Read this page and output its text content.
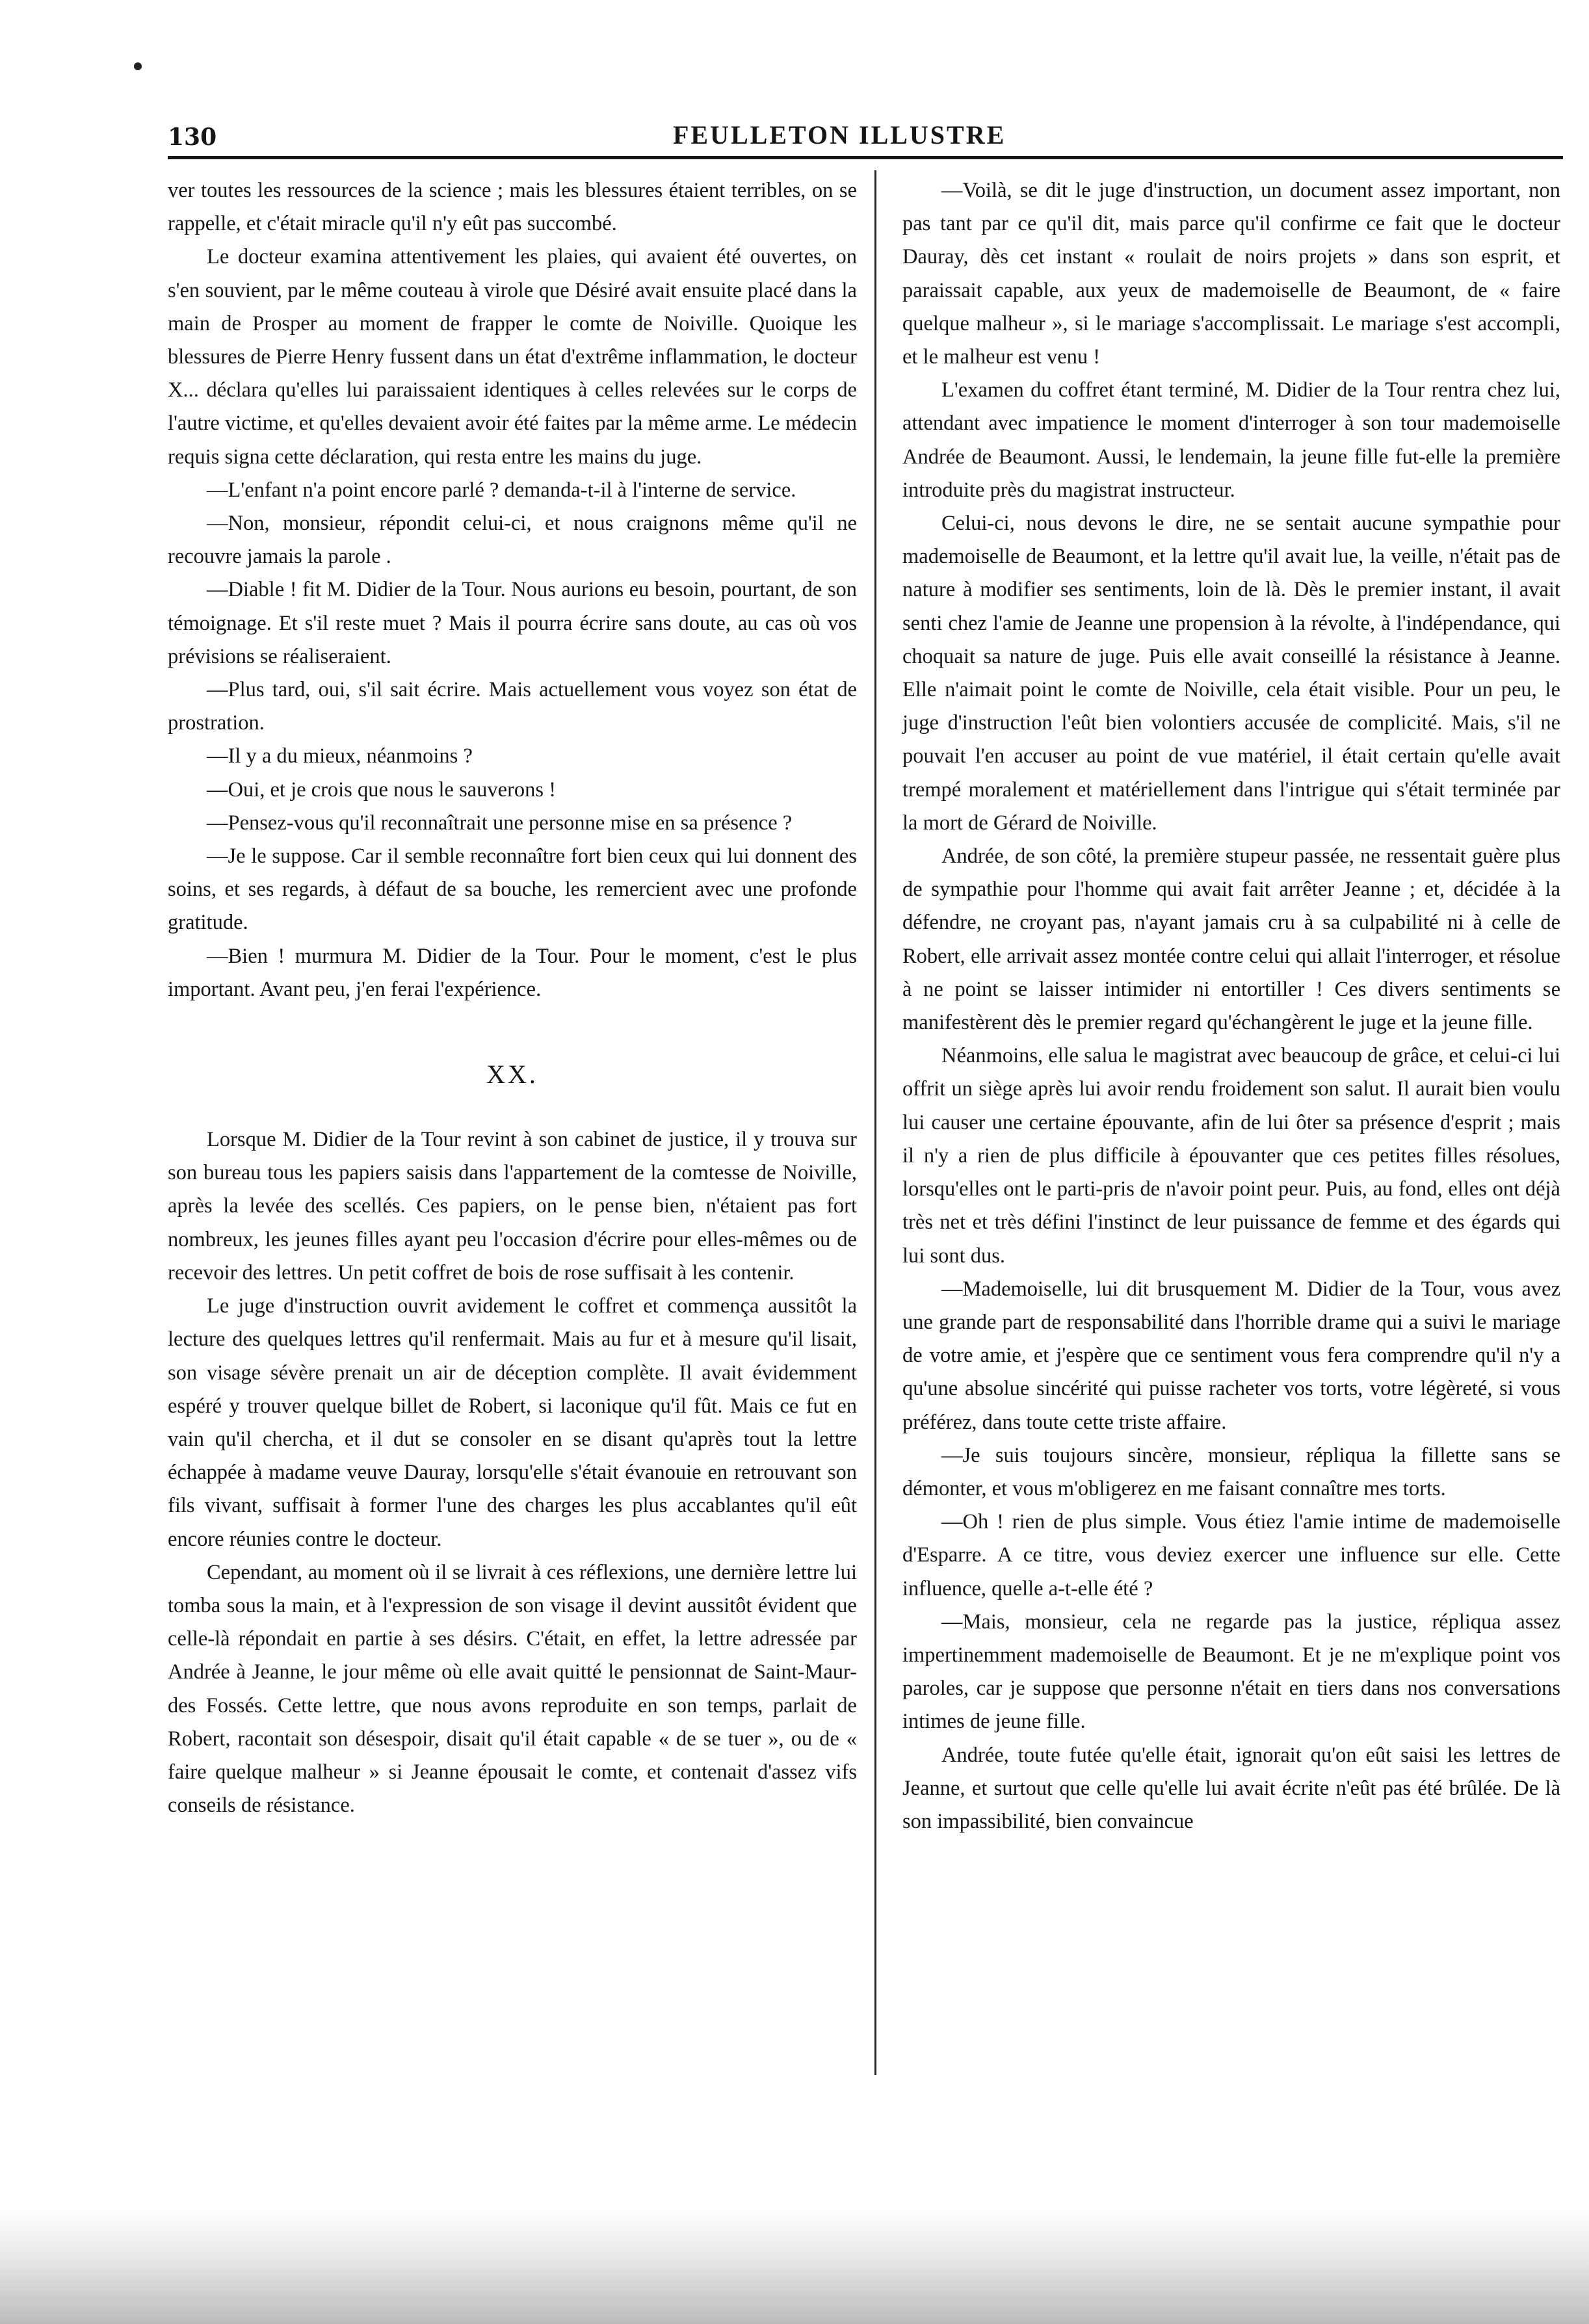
130	FEULLETON ILLUSTRE

ver toutes les ressources de la science ; mais les blessures étaient terribles, on se rappelle, et c'était miracle qu'il n'y eût pas succombé.

Le docteur examina attentivement les plaies, qui avaient été ouvertes, on s'en souvient, par le même couteau à virole que Désiré avait ensuite placé dans la main de Prosper au moment de frapper le comte de Noiville. Quoique les blessures de Pierre Henry fussent dans un état d'extrême inflammation, le docteur X... déclara qu'elles lui paraissaient identiques à celles relevées sur le corps de l'autre victime, et qu'elles devaient avoir été faites par la même arme. Le médecin requis signa cette déclaration, qui resta entre les mains du juge.

—L'enfant n'a point encore parlé ? demanda-t-il à l'interne de service.

—Non, monsieur, répondit celui-ci, et nous craignons même qu'il ne recouvre jamais la parole .

—Diable ! fit M. Didier de la Tour. Nous aurions eu besoin, pourtant, de son témoignage. Et s'il reste muet ? Mais il pourra écrire sans doute, au cas où vos prévisions se réaliseraient.

—Plus tard, oui, s'il sait écrire. Mais actuellement vous voyez son état de prostration.

—Il y a du mieux, néanmoins ?

—Oui, et je crois que nous le sauverons !

—Pensez-vous qu'il reconnaîtrait une personne mise en sa présence ?

—Je le suppose. Car il semble reconnaître fort bien ceux qui lui donnent des soins, et ses regards, à défaut de sa bouche, les remercient avec une profonde gratitude.

—Bien ! murmura M. Didier de la Tour. Pour le moment, c'est le plus important. Avant peu, j'en ferai l'expérience.

XX.

Lorsque M. Didier de la Tour revint à son cabinet de justice, il y trouva sur son bureau tous les papiers saisis dans l'appartement de la comtesse de Noiville, après la levée des scellés. Ces papiers, on le pense bien, n'étaient pas fort nombreux, les jeunes filles ayant peu l'occasion d'écrire pour elles-mêmes ou de recevoir des lettres. Un petit coffret de bois de rose suffisait à les contenir.

Le juge d'instruction ouvrit avidement le coffret et commença aussitôt la lecture des quelques lettres qu'il renfermait. Mais au fur et à mesure qu'il lisait, son visage sévère prenait un air de déception complète. Il avait évidemment espéré y trouver quelque billet de Robert, si laconique qu'il fût. Mais ce fut en vain qu'il chercha, et il dut se consoler en se disant qu'après tout la lettre échappée à madame veuve Dauray, lorsqu'elle s'était évanouie en retrouvant son fils vivant, suffisait à former l'une des charges les plus accablantes qu'il eût encore réunies contre le docteur.

Cependant, au moment où il se livrait à ces réflexions, une dernière lettre lui tomba sous la main, et à l'expression de son visage il devint aussitôt évident que celle-là répondait en partie à ses désirs. C'était, en effet, la lettre adressée par Andrée à Jeanne, le jour même où elle avait quitté le pensionnat de Saint-Maur-des Fossés. Cette lettre, que nous avons reproduite en son temps, parlait de Robert, racontait son désespoir, disait qu'il était capable « de se tuer », ou de « faire quelque malheur » si Jeanne épousait le comte, et contenait d'assez vifs conseils de résistance.

—Voilà, se dit le juge d'instruction, un document assez important, non pas tant par ce qu'il dit, mais parce qu'il confirme ce fait que le docteur Dauray, dès cet instant « roulait de noirs projets » dans son esprit, et paraissait capable, aux yeux de mademoiselle de Beaumont, de « faire quelque malheur », si le mariage s'accomplissait. Le mariage s'est accompli, et le malheur est venu !

L'examen du coffret étant terminé, M. Didier de la Tour rentra chez lui, attendant avec impatience le moment d'interroger à son tour mademoiselle Andrée de Beaumont. Aussi, le lendemain, la jeune fille fut-elle la première introduite près du magistrat instructeur.

Celui-ci, nous devons le dire, ne se sentait aucune sympathie pour mademoiselle de Beaumont, et la lettre qu'il avait lue, la veille, n'était pas de nature à modifier ses sentiments, loin de là. Dès le premier instant, il avait senti chez l'amie de Jeanne une propension à la révolte, à l'indépendance, qui choquait sa nature de juge. Puis elle avait conseillé la résistance à Jeanne. Elle n'aimait point le comte de Noiville, cela était visible. Pour un peu, le juge d'instruction l'eût bien volontiers accusée de complicité. Mais, s'il ne pouvait l'en accuser au point de vue matériel, il était certain qu'elle avait trempé moralement et matériellement dans l'intrigue qui s'était terminée par la mort de Gérard de Noiville.

Andrée, de son côté, la première stupeur passée, ne ressentait guère plus de sympathie pour l'homme qui avait fait arrêter Jeanne ; et, décidée à la défendre, ne croyant pas, n'ayant jamais cru à sa culpabilité ni à celle de Robert, elle arrivait assez montée contre celui qui allait l'interroger, et résolue à ne point se laisser intimider ni entortiller ! Ces divers sentiments se manifestèrent dès le premier regard qu'échangèrent le juge et la jeune fille.

Néanmoins, elle salua le magistrat avec beaucoup de grâce, et celui-ci lui offrit un siège après lui avoir rendu froidement son salut. Il aurait bien voulu lui causer une certaine épouvante, afin de lui ôter sa présence d'esprit ; mais il n'y a rien de plus difficile à épouvanter que ces petites filles résolues, lorsqu'elles ont le parti-pris de n'avoir point peur. Puis, au fond, elles ont déjà très net et très défini l'instinct de leur puissance de femme et des égards qui lui sont dus.

—Mademoiselle, lui dit brusquement M. Didier de la Tour, vous avez une grande part de responsabilité dans l'horrible drame qui a suivi le mariage de votre amie, et j'espère que ce sentiment vous fera comprendre qu'il n'y a qu'une absolue sincérité qui puisse racheter vos torts, votre légèreté, si vous préférez, dans toute cette triste affaire.

—Je suis toujours sincère, monsieur, répliqua la fillette sans se démonter, et vous m'obligerez en me faisant connaître mes torts.

—Oh ! rien de plus simple. Vous étiez l'amie intime de mademoiselle d'Esparre. A ce titre, vous deviez exercer une influence sur elle. Cette influence, quelle a-t-elle été ?

—Mais, monsieur, cela ne regarde pas la justice, répliqua assez impertinemment mademoiselle de Beaumont. Et je ne m'explique point vos paroles, car je suppose que personne n'était en tiers dans nos conversations intimes de jeune fille.

Andrée, toute futée qu'elle était, ignorait qu'on eût saisi les lettres de Jeanne, et surtout que celle qu'elle lui avait écrite n'eût pas été brûlée. De là son impassibilité, bien convaincue
